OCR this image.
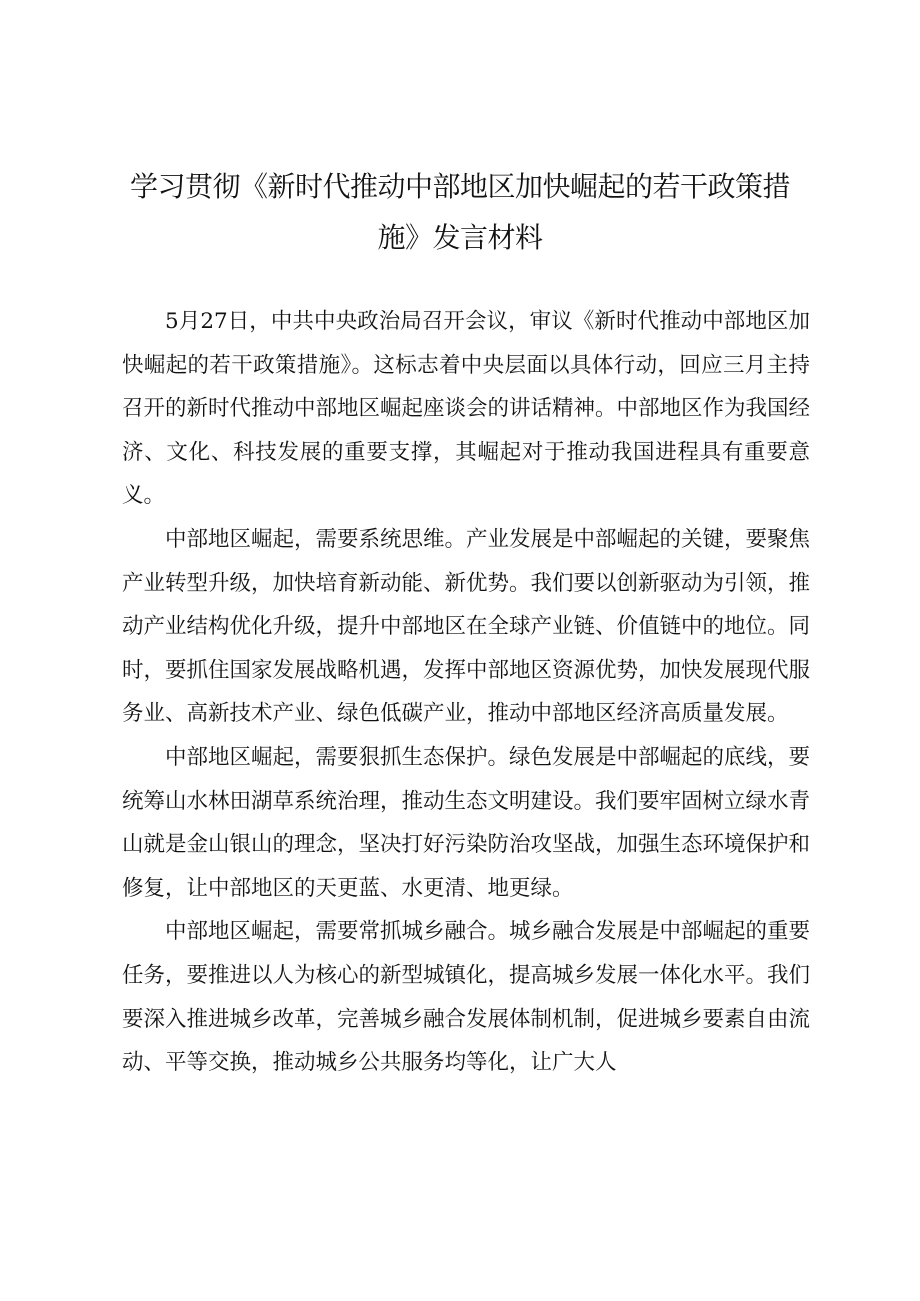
学习贯彻《新时代推动中部地区加快崛起的若干政策措
施》发言材料

5月27日，中共中央政治局召开会议，审议《新时代推动中部地区加快崛起的若干政策措施》。这标志着中央层面以具体行动，回应三月主持召开的新时代推动中部地区崛起座谈会的讲话精神。中部地区作为我国经济、文化、科技发展的重要支撑，其崛起对于推动我国进程具有重要意义。

中部地区崛起，需要系统思维。产业发展是中部崛起的关键，要聚焦产业转型升级，加快培育新动能、新优势。我们要以创新驱动为引领，推动产业结构优化升级，提升中部地区在全球产业链、价值链中的地位。同时，要抓住国家发展战略机遇，发挥中部地区资源优势，加快发展现代服务业、高新技术产业、绿色低碳产业，推动中部地区经济高质量发展。

中部地区崛起，需要狠抓生态保护。绿色发展是中部崛起的底线，要统筹山水林田湖草系统治理，推动生态文明建设。我们要牢固树立绿水青山就是金山银山的理念，坚决打好污染防治攻坚战，加强生态环境保护和修复，让中部地区的天更蓝、水更清、地更绿。

中部地区崛起，需要常抓城乡融合。城乡融合发展是中部崛起的重要任务，要推进以人为核心的新型城镇化，提高城乡发展一体化水平。我们要深入推进城乡改革，完善城乡融合发展体制机制，促进城乡要素自由流动、平等交换，推动城乡公共服务均等化，让广大人
